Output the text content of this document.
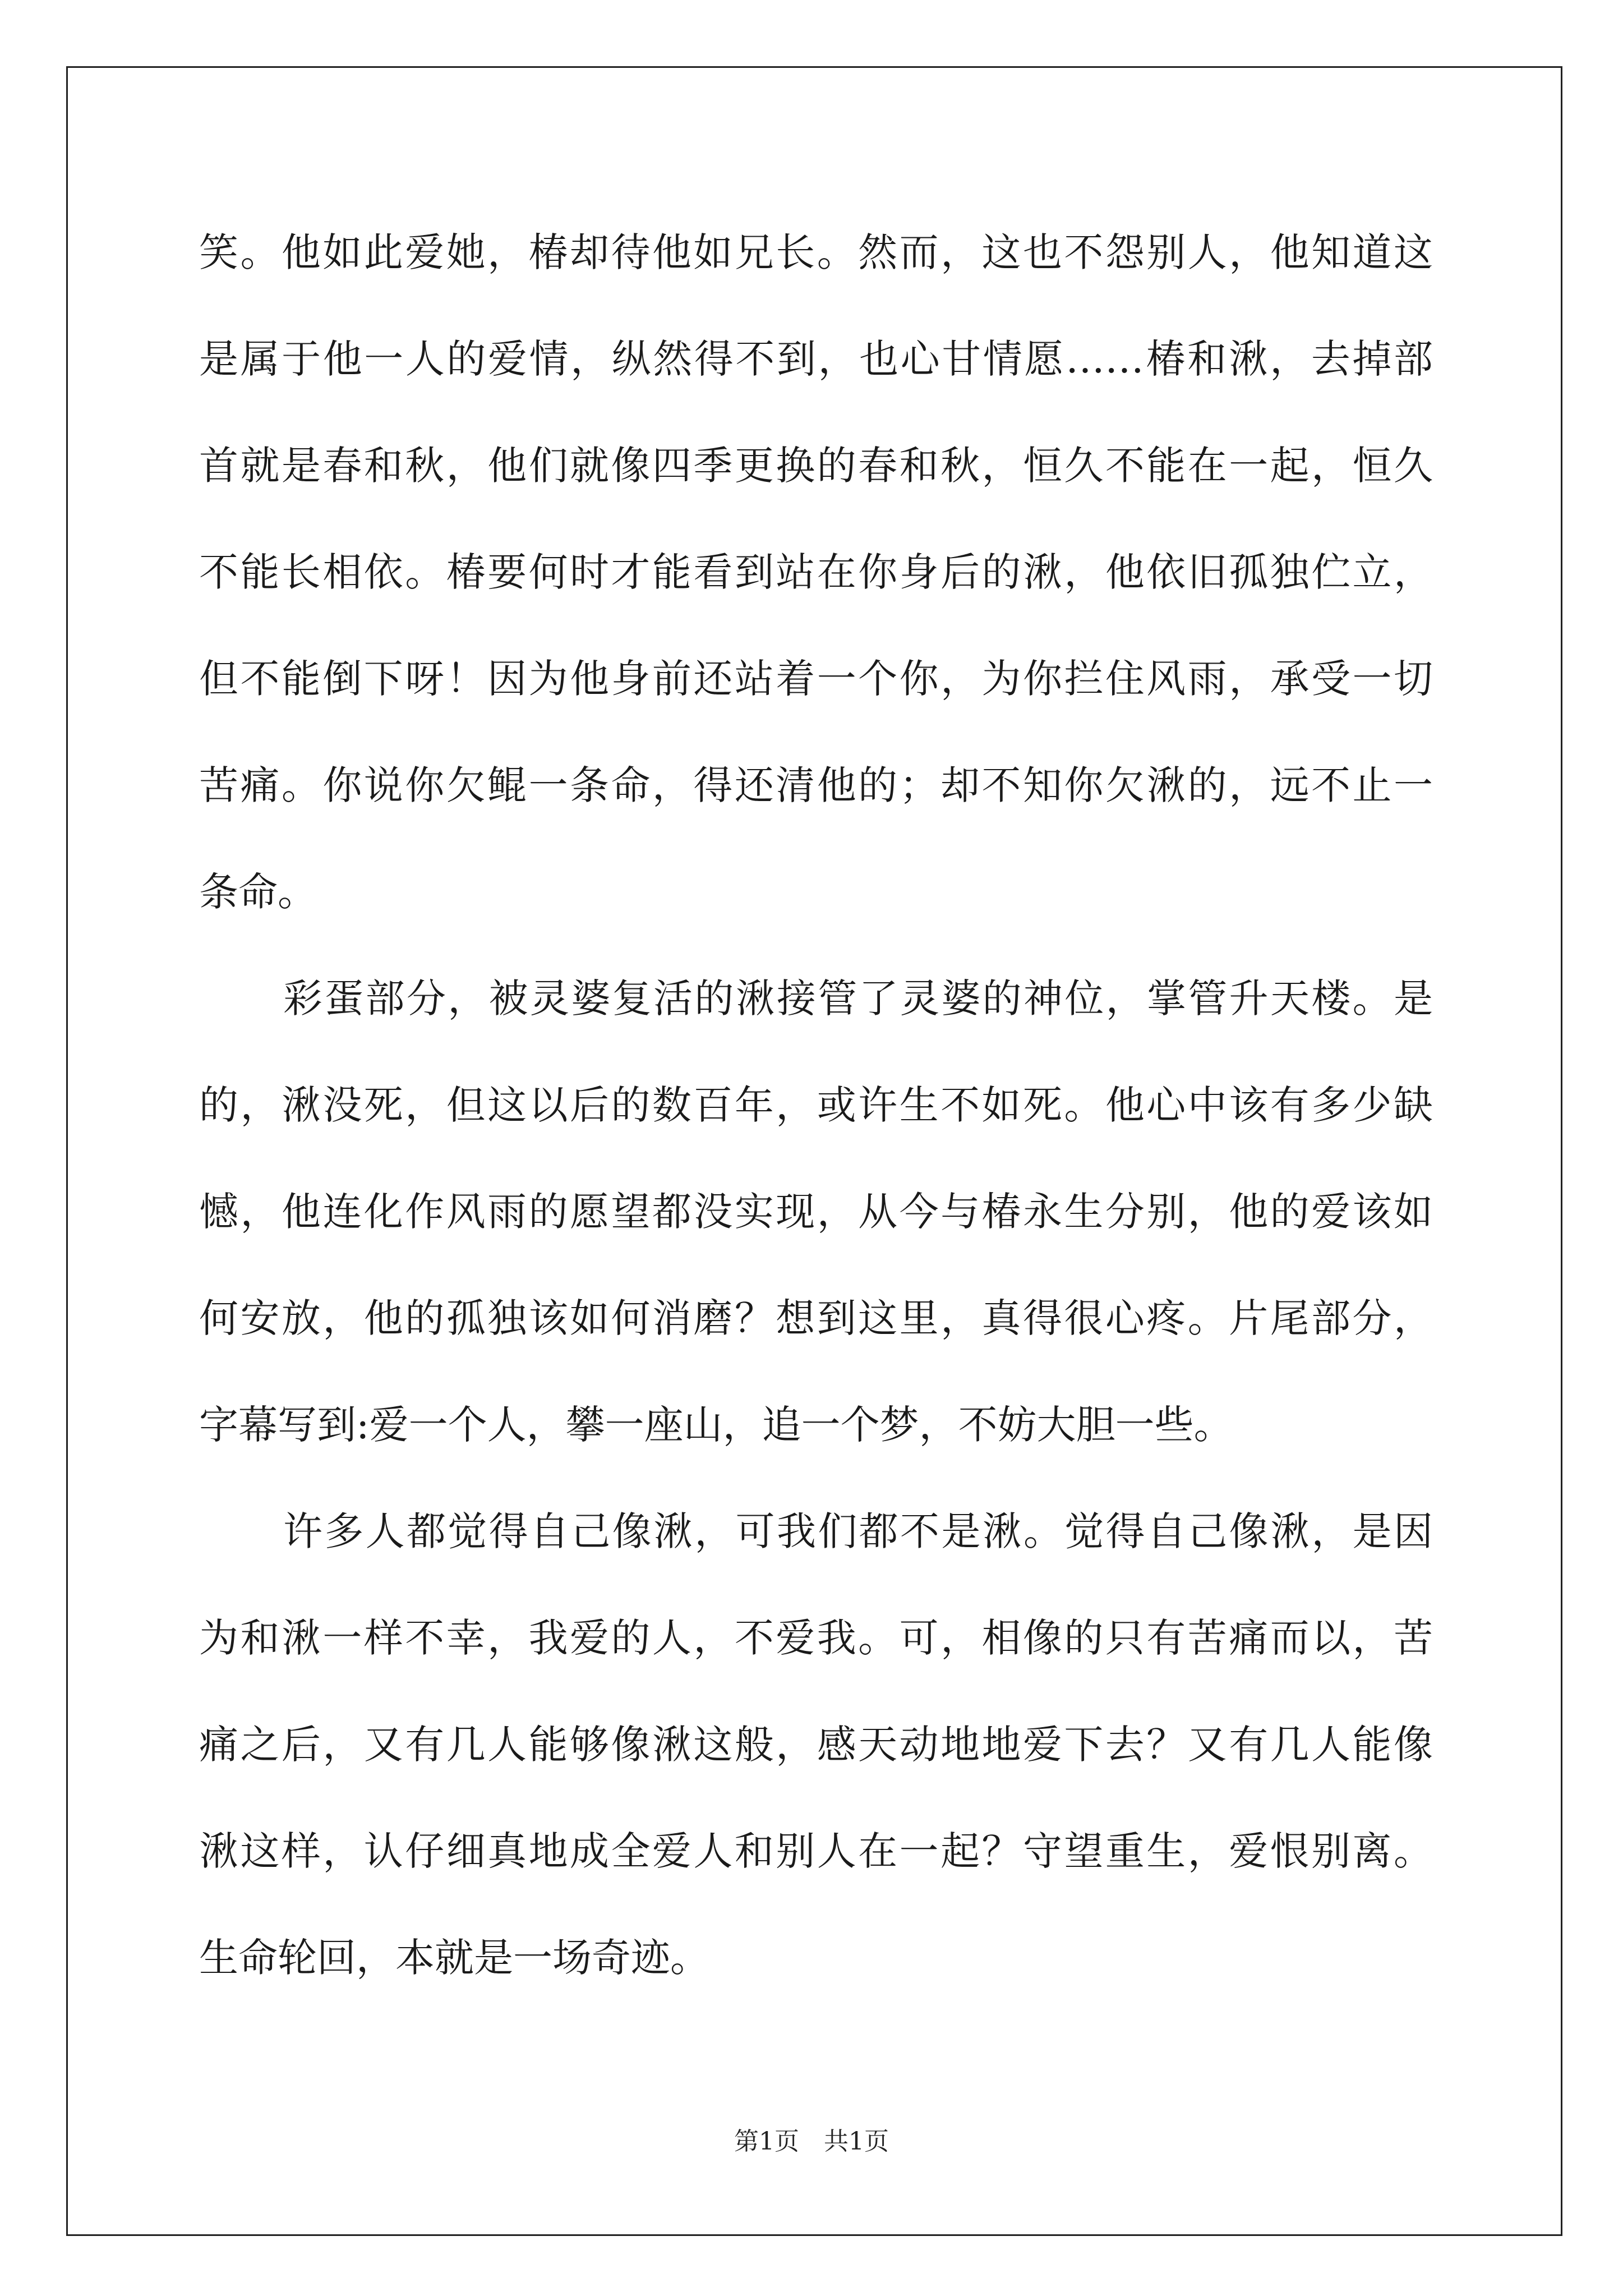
笑。他如此爱她，椿却待他如兄长。然而，这也不怨别人，他知道这
是属于他一人的爱情，纵然得不到，也心甘情愿……椿和湫，去掉部
首就是春和秋，他们就像四季更换的春和秋，恒久不能在一起，恒久
不能长相依。椿要何时才能看到站在你身后的湫，他依旧孤独伫立，
但不能倒下呀！因为他身前还站着一个你，为你拦住风雨，承受一切
苦痛。你说你欠鲲一条命，得还清他的；却不知你欠湫的，远不止一
条命。
彩蛋部分，被灵婆复活的湫接管了灵婆的神位，掌管升天楼。是
的，湫没死，但这以后的数百年，或许生不如死。他心中该有多少缺
憾，他连化作风雨的愿望都没实现，从今与椿永生分别，他的爱该如
何安放，他的孤独该如何消磨？想到这里，真得很心疼。片尾部分，
字幕写到:爱一个人，攀一座山，追一个梦，不妨大胆一些。
许多人都觉得自己像湫，可我们都不是湫。觉得自己像湫，是因
为和湫一样不幸，我爱的人，不爱我。可，相像的只有苦痛而以，苦
痛之后，又有几人能够像湫这般，感天动地地爱下去？又有几人能像
湫这样，认仔细真地成全爱人和别人在一起？守望重生，爱恨别离。
生命轮回，本就是一场奇迹。
第1页　共1页
